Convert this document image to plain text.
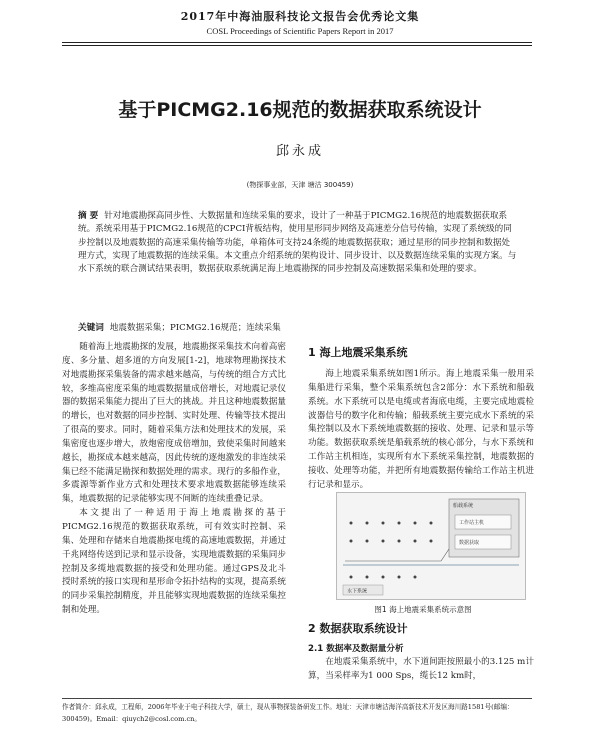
2017年中海油服科技论文报告会优秀论文集
COSL Proceedings of Scientific Papers Report in 2017
基于PICMG2.16规范的数据获取系统设计
邱永成
(物探事业部，天津 塘沽 300459)
摘 要 针对地震勘探高同步性、大数据量和连续采集的要求，设计了一种基于PICMG2.16规范的地震数据获取系统。系统采用基于PICMG2.16规范的CPCI背板结构，使用星形同步网络及高速差分信号传输，实现了系统级的同步控制以及地震数据的高速采集传输等功能，单箱体可支持24条缆的地震数据获取；通过星形的同步控制和数据处理方式，实现了地震数据的连续采集。本文重点介绍系统的架构设计、同步设计、以及数据连续采集的实现方案。与水下系统的联合测试结果表明，数据获取系统满足海上地震勘探的同步控制及高速数据采集和处理的要求。
关键词 地震数据采集；PICMG2.16规范；连续采集

随着海上地震勘探的发展，地震勘探采集技术向着高密度、多分量、超多道的方向发展[1-2]，地球物理勘探技术对地震勘探采集装备的需求越来越高，与传统的组合方式比较，多维高密度采集的地震数据量成倍增长，对地震记录仪器的数据采集能力提出了巨大的挑战。并且这种地震数据量的增长，也对数据的同步控制、实时处理、传输等技术提出了很高的要求。同时，随着采集方法和处理技术的发展，采集密度也逐步增大，放炮密度成倍增加，致使采集时间越来越长，勘探成本越来越高，因此传统的逐炮激发的非连续采集已经不能满足勘探和数据处理的需求。现行的多船作业，多震源等新作业方式和处理技术要求地震数据能够连续采集，地震数据的记录能够实现不间断的连续重叠记录。

本文提出了一种适用于海上地震勘探的基于PICMG2.16规范的数据获取系统，可有效实时控制、采集、处理和存储来自地震勘探电缆的高速地震数据，并通过千兆网络传送到记录和显示设备，实现地震数据的采集同步控制及多缆地震数据的接受和处理功能。通过GPS及北斗授时系统的接口实现和星形命令拓扑结构的实现，提高系统的同步采集控制精度，并且能够实现地震数据的连续采集控制和处理。

1 海上地震采集系统

海上地震采集系统如图1所示。海上地震采集一般用采集船进行采集，整个采集系统包含2部分：水下系统和船载系统。水下系统可以是电缆或者海底电缆，主要完成地震检波器信号的数字化和传输；船载系统主要完成水下系统的采集控制以及水下系统地震数据的接收、处理、记录和显示等功能。数据获取系统是船载系统的核心部分，与水下系统和工作站主机相连，实现所有水下系统采集控制，地震数据的接收、处理等功能，并把所有地震数据传输给工作站主机进行记录和显示。

船载系统
工作站主机
数据获取
水下系统
图1 海上地震采集系统示意图
2 数据获取系统设计
2.1 数据率及数据量分析

在地震采集系统中，水下道间距按照最小的3.125 m计算，当采样率为1 000 Sps，缆长12 km时，

作者简介：邱永成，工程师，2006年毕业于电子科技大学，硕士，现从事物探装备研发工作。地址：天津市塘沽海洋高新技术开发区海川路1581号(邮编：300459)。Email：qiuych2@cosl.com.cn。
